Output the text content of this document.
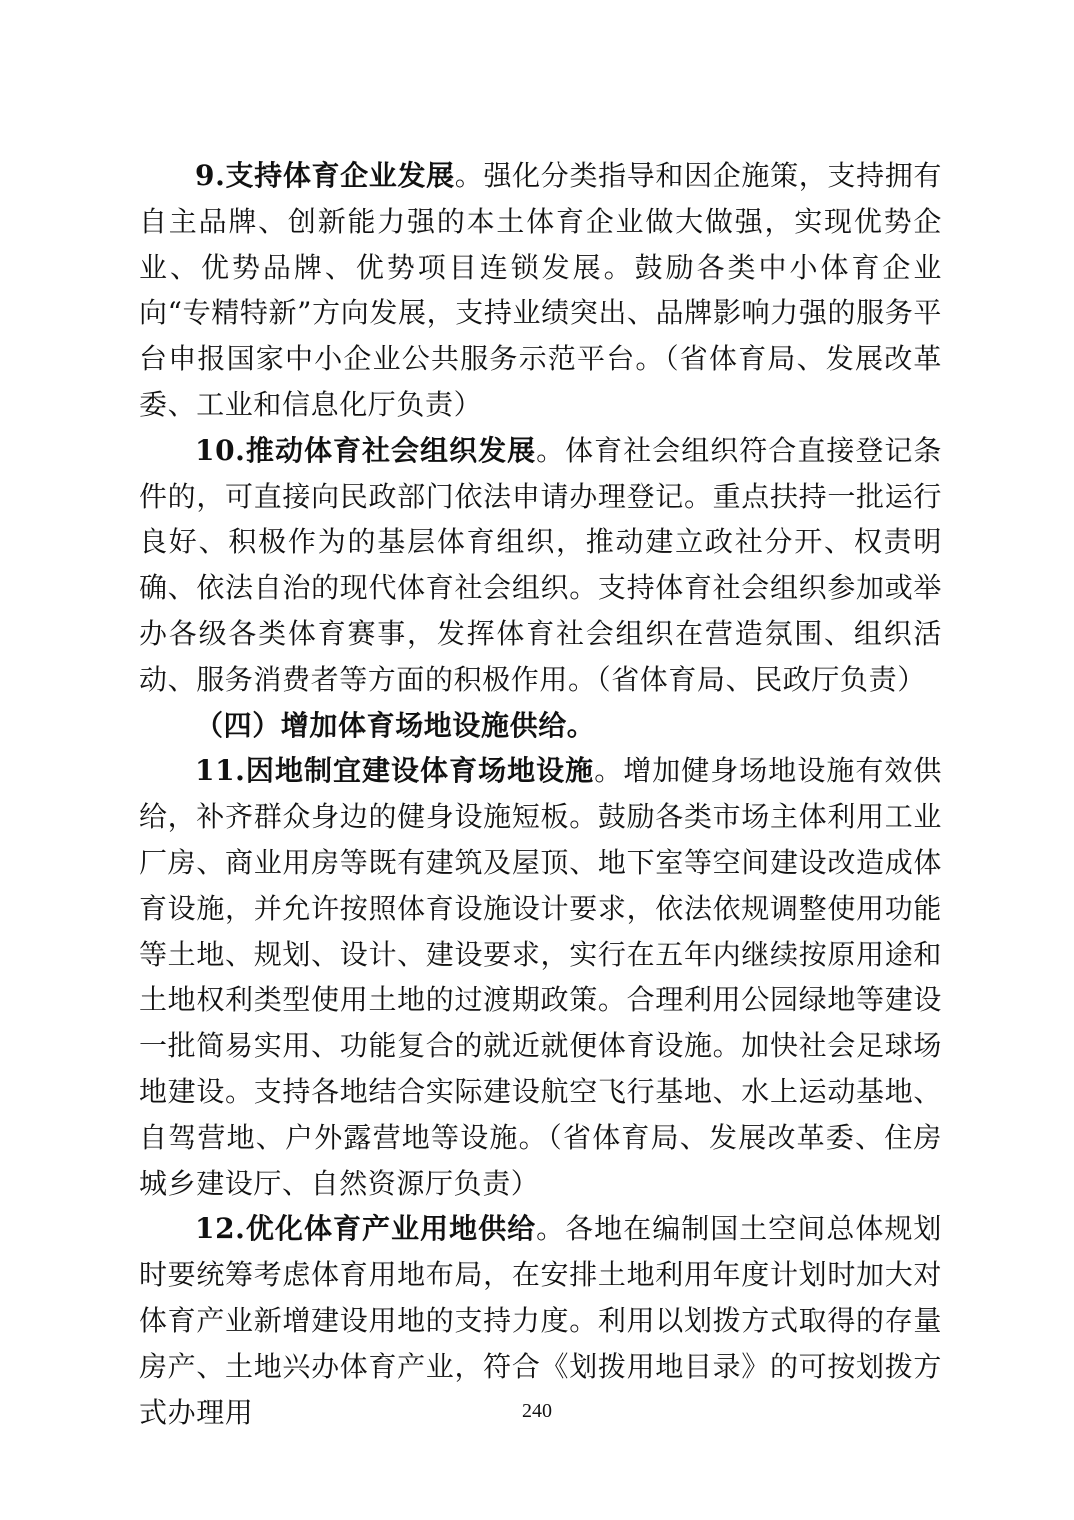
9.支持体育企业发展。强化分类指导和因企施策，支持拥有自主品牌、创新能力强的本土体育企业做大做强，实现优势企业、优势品牌、优势项目连锁发展。鼓励各类中小体育企业向“专精特新”方向发展，支持业绩突出、品牌影响力强的服务平台申报国家中小企业公共服务示范平台。（省体育局、发展改革委、工业和信息化厅负责）

10.推动体育社会组织发展。体育社会组织符合直接登记条件的，可直接向民政部门依法申请办理登记。重点扶持一批运行良好、积极作为的基层体育组织，推动建立政社分开、权责明确、依法自治的现代体育社会组织。支持体育社会组织参加或举办各级各类体育赛事，发挥体育社会组织在营造氛围、组织活动、服务消费者等方面的积极作用。（省体育局、民政厅负责）

（四）增加体育场地设施供给。

11.因地制宜建设体育场地设施。增加健身场地设施有效供给，补齐群众身边的健身设施短板。鼓励各类市场主体利用工业厂房、商业用房等既有建筑及屋顶、地下室等空间建设改造成体育设施，并允许按照体育设施设计要求，依法依规调整使用功能等土地、规划、设计、建设要求，实行在五年内继续按原用途和土地权利类型使用土地的过渡期政策。合理利用公园绿地等建设一批简易实用、功能复合的就近就便体育设施。加快社会足球场地建设。支持各地结合实际建设航空飞行基地、水上运动基地、自驾营地、户外露营地等设施。（省体育局、发展改革委、住房城乡建设厅、自然资源厅负责）

12.优化体育产业用地供给。各地在编制国土空间总体规划时要统筹考虑体育用地布局，在安排土地利用年度计划时加大对体育产业新增建设用地的支持力度。利用以划拨方式取得的存量房产、土地兴办体育产业，符合《划拨用地目录》的可按划拨方式办理用	240
